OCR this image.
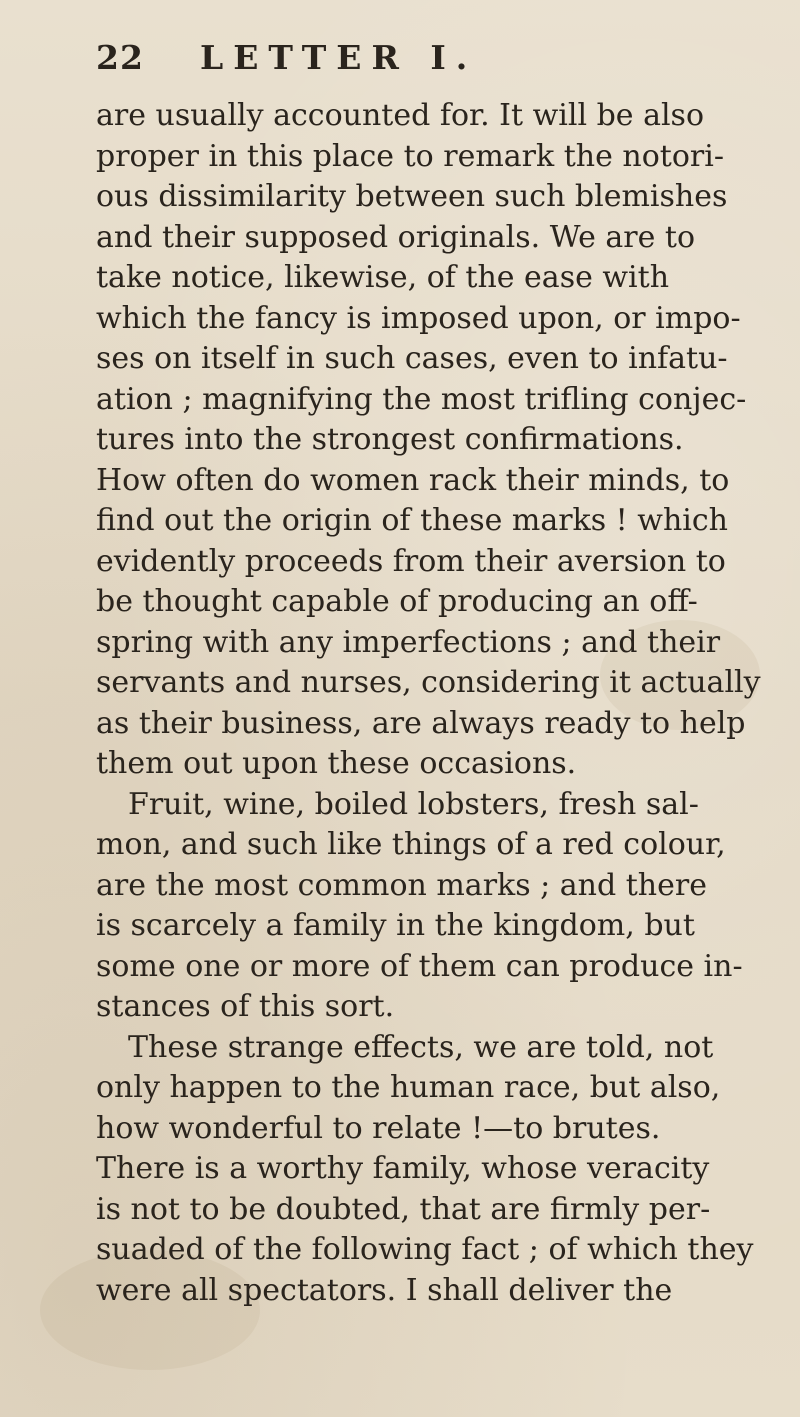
22 LETTER I.
are usually accounted for. It will be also
proper in this place to remark the notori-
ous dissimilarity between such blemishes
and their supposed originals. We are to
take notice, likewise, of the ease with
which the fancy is imposed upon, or impo-
ses on itself in such cases, even to infatu-
ation ; magnifying the most trifling conjec-
tures into the strongest confirmations.
How often do women rack their minds, to
find out the origin of these marks ! which
evidently proceeds from their aversion to
be thought capable of producing an off-
spring with any imperfections ; and their
servants and nurses, considering it actually
as their business, are always ready to help
them out upon these occasions.
Fruit, wine, boiled lobsters, fresh sal-
mon, and such like things of a red colour,
are the most common marks ; and there
is scarcely a family in the kingdom, but
some one or more of them can produce in-
stances of this sort.
These strange effects, we are told, not
only happen to the human race, but also,
how wonderful to relate !—to brutes.
There is a worthy family, whose veracity
is not to be doubted, that are firmly per-
suaded of the following fact ; of which they
were all spectators. I shall deliver the
